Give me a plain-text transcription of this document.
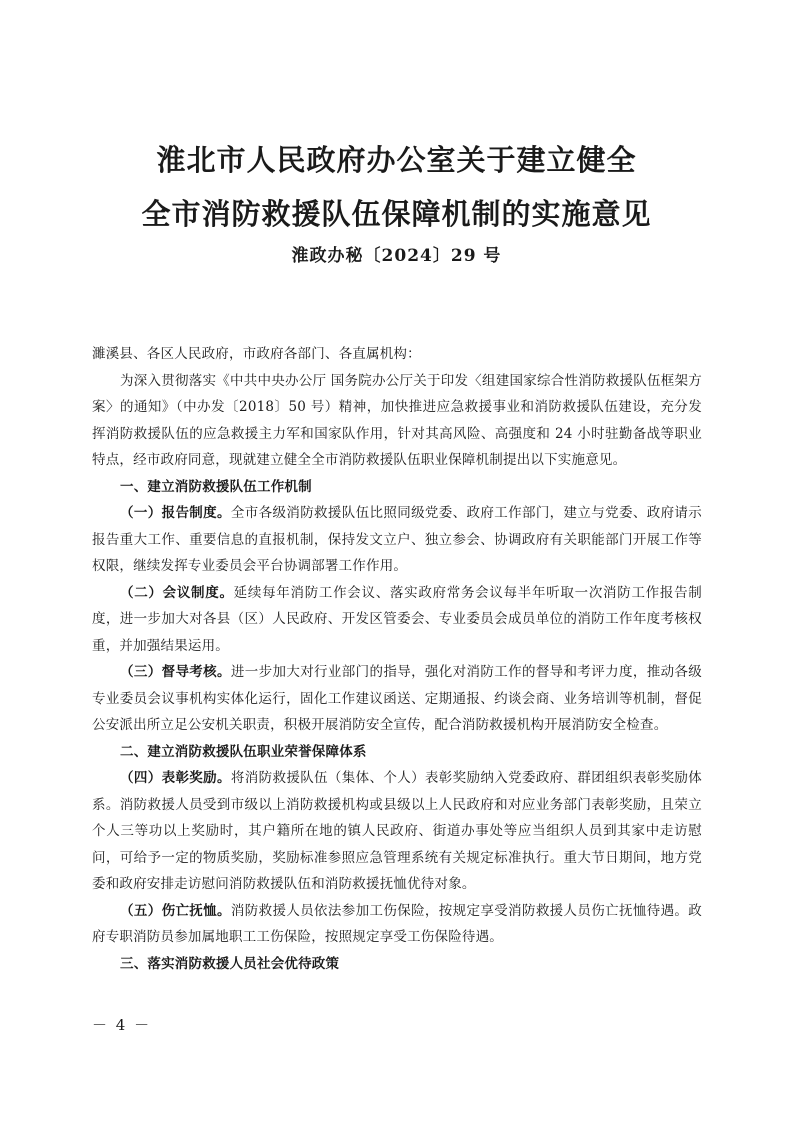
淮北市人民政府办公室关于建立健全
全市消防救援队伍保障机制的实施意见
淮政办秘〔2024〕29 号

濉溪县、各区人民政府，市政府各部门、各直属机构：

为深入贯彻落实《中共中央办公厅 国务院办公厅关于印发〈组建国家综合性消防救援队伍框架方案〉的通知》（中办发〔2018〕50 号）精神，加快推进应急救援事业和消防救援队伍建设，充分发挥消防救援队伍的应急救援主力军和国家队作用，针对其高风险、高强度和 24 小时驻勤备战等职业特点，经市政府同意，现就建立健全全市消防救援队伍职业保障机制提出以下实施意见。

一、建立消防救援队伍工作机制

（一）报告制度。全市各级消防救援队伍比照同级党委、政府工作部门，建立与党委、政府请示报告重大工作、重要信息的直报机制，保持发文立户、独立参会、协调政府有关职能部门开展工作等权限，继续发挥专业委员会平台协调部署工作作用。

（二）会议制度。延续每年消防工作会议、落实政府常务会议每半年听取一次消防工作报告制度，进一步加大对各县（区）人民政府、开发区管委会、专业委员会成员单位的消防工作年度考核权重，并加强结果运用。

（三）督导考核。进一步加大对行业部门的指导，强化对消防工作的督导和考评力度，推动各级专业委员会议事机构实体化运行，固化工作建议函送、定期通报、约谈会商、业务培训等机制，督促公安派出所立足公安机关职责，积极开展消防安全宣传，配合消防救援机构开展消防安全检查。

二、建立消防救援队伍职业荣誉保障体系

（四）表彰奖励。将消防救援队伍（集体、个人）表彰奖励纳入党委政府、群团组织表彰奖励体系。消防救援人员受到市级以上消防救援机构或县级以上人民政府和对应业务部门表彰奖励，且荣立个人三等功以上奖励时，其户籍所在地的镇人民政府、街道办事处等应当组织人员到其家中走访慰问，可给予一定的物质奖励，奖励标准参照应急管理系统有关规定标准执行。重大节日期间，地方党委和政府安排走访慰问消防救援队伍和消防救援抚恤优待对象。

（五）伤亡抚恤。消防救援人员依法参加工伤保险，按规定享受消防救援人员伤亡抚恤待遇。政府专职消防员参加属地职工工伤保险，按照规定享受工伤保险待遇。

三、落实消防救援人员社会优待政策

－ 4 －
